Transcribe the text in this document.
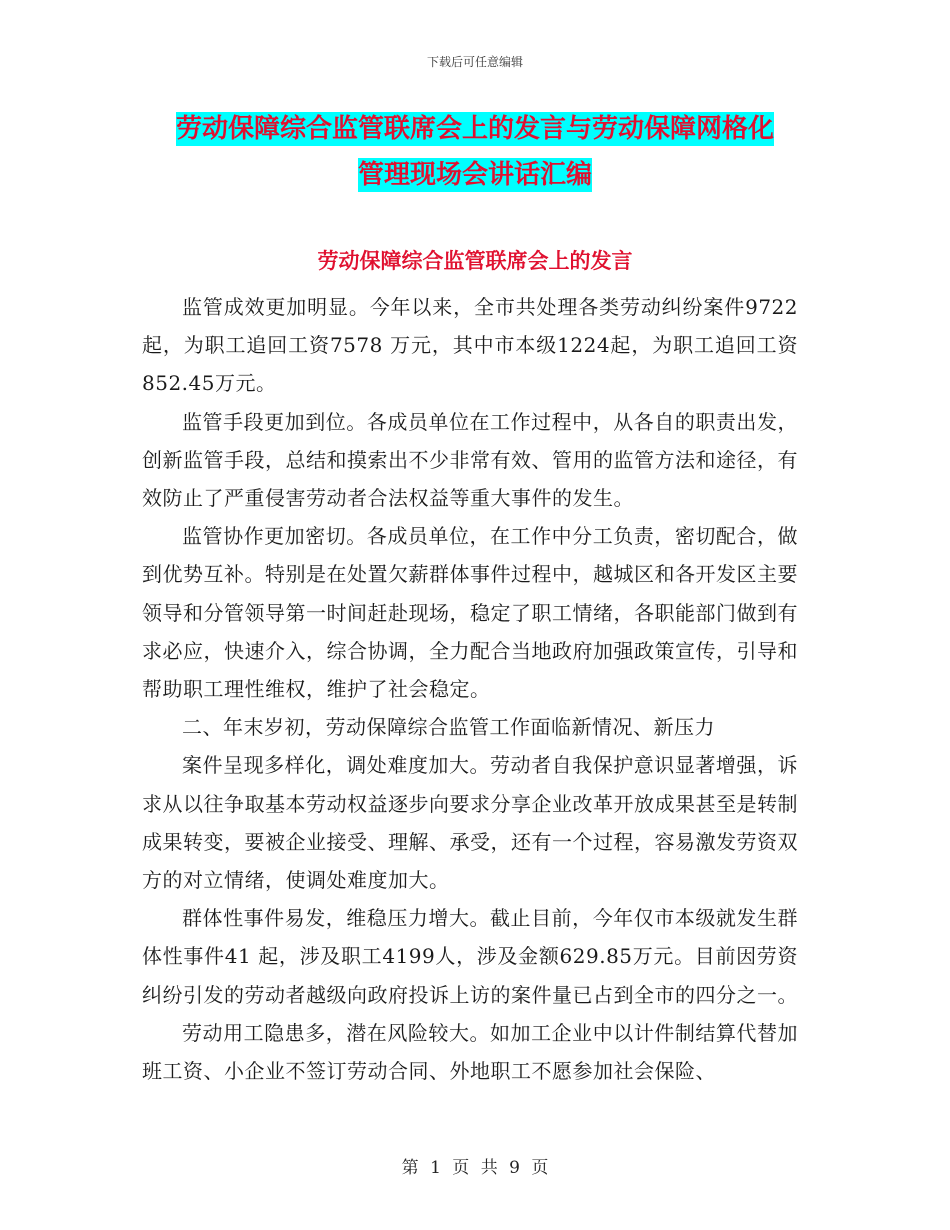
下载后可任意编辑
劳动保障综合监管联席会上的发言与劳动保障网格化
管理现场会讲话汇编
劳动保障综合监管联席会上的发言

监管成效更加明显。今年以来，全市共处理各类劳动纠纷案件9722起，为职工追回工资7578 万元，其中市本级1224起，为职工追回工资852.45万元。

监管手段更加到位。各成员单位在工作过程中，从各自的职责出发，创新监管手段，总结和摸索出不少非常有效、管用的监管方法和途径，有效防止了严重侵害劳动者合法权益等重大事件的发生。

监管协作更加密切。各成员单位，在工作中分工负责，密切配合，做到优势互补。特别是在处置欠薪群体事件过程中，越城区和各开发区主要领导和分管领导第一时间赶赴现场，稳定了职工情绪，各职能部门做到有求必应，快速介入，综合协调，全力配合当地政府加强政策宣传，引导和帮助职工理性维权，维护了社会稳定。

二、年末岁初，劳动保障综合监管工作面临新情况、新压力

案件呈现多样化，调处难度加大。劳动者自我保护意识显著增强，诉求从以往争取基本劳动权益逐步向要求分享企业改革开放成果甚至是转制成果转变，要被企业接受、理解、承受，还有一个过程，容易激发劳资双方的对立情绪，使调处难度加大。

群体性事件易发，维稳压力增大。截止目前，今年仅市本级就发生群体性事件41 起，涉及职工4199人，涉及金额629.85万元。目前因劳资纠纷引发的劳动者越级向政府投诉上访的案件量已占到全市的四分之一。

劳动用工隐患多，潜在风险较大。如加工企业中以计件制结算代替加班工资、小企业不签订劳动合同、外地职工不愿参加社会保险、

第 1 页 共 9 页
